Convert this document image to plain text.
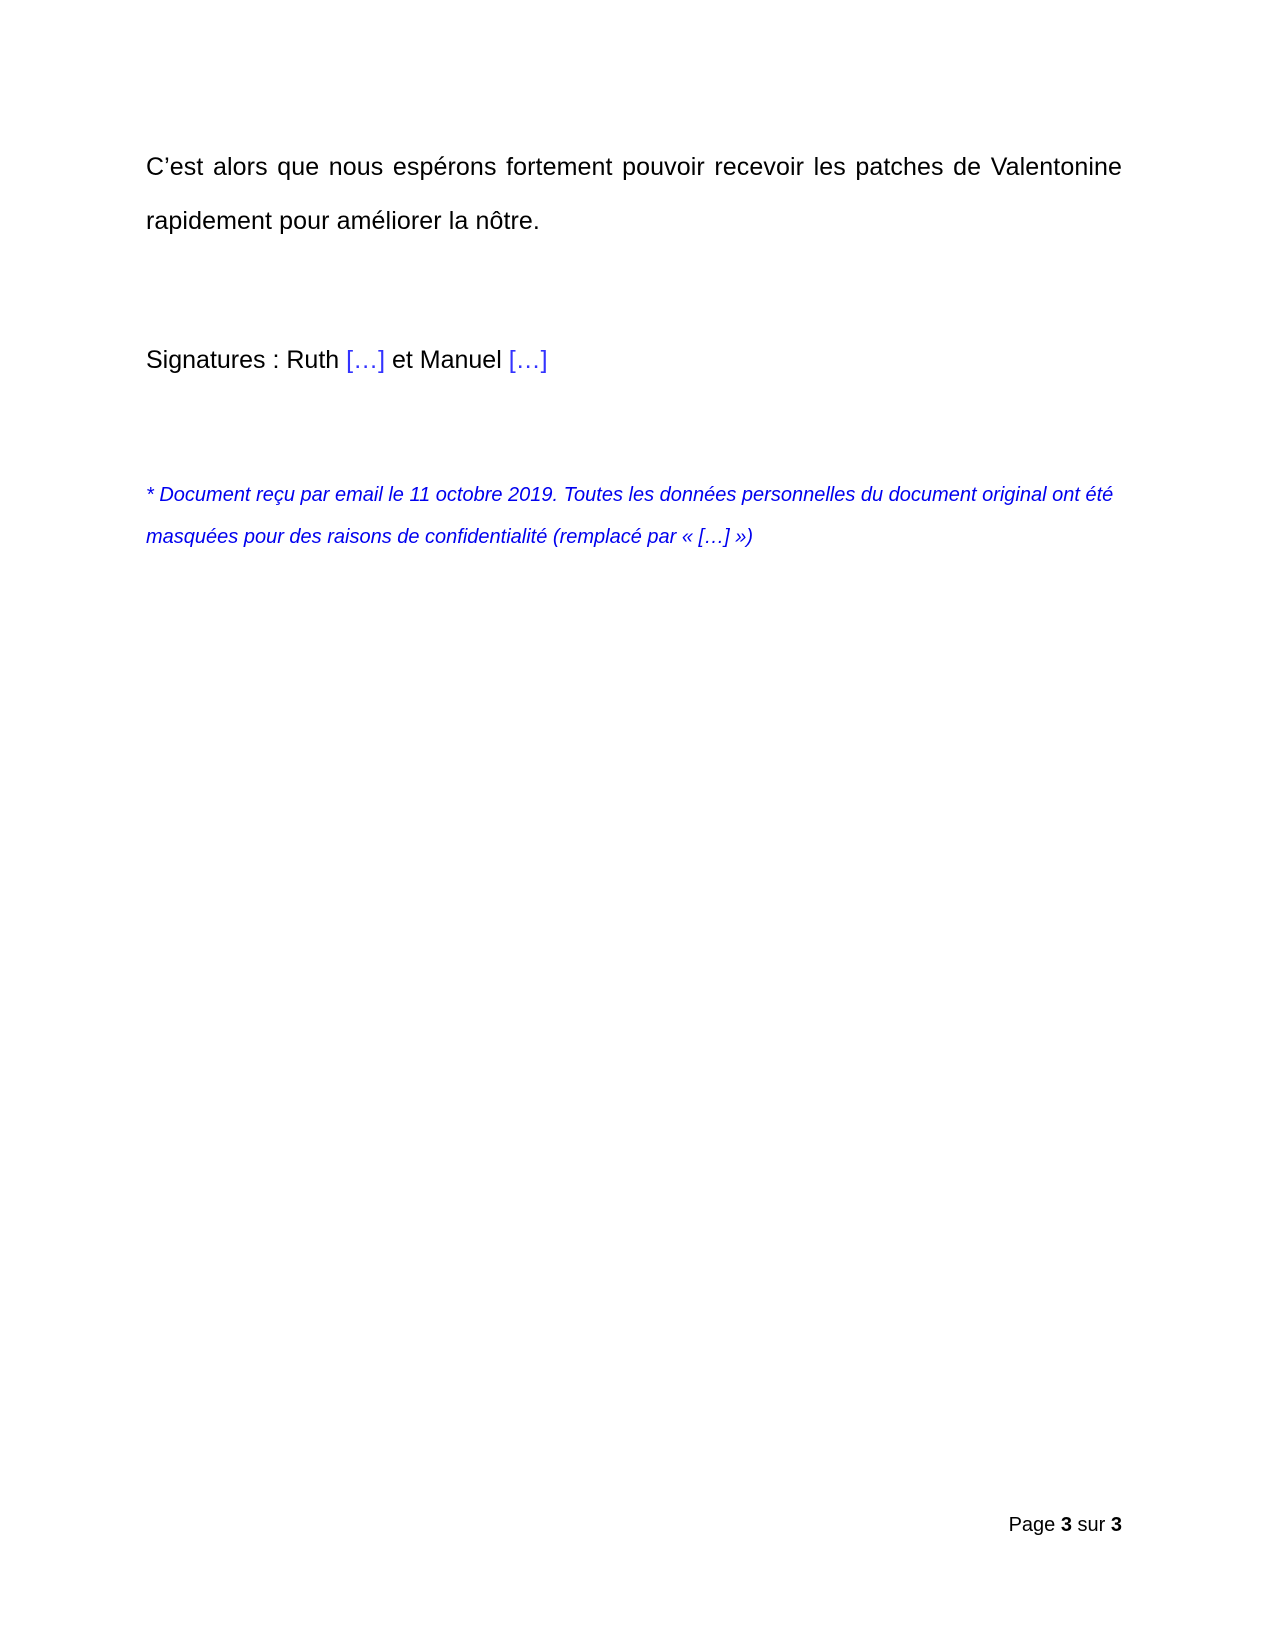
C’est alors que nous espérons fortement pouvoir recevoir les patches de Valentonine rapidement pour améliorer la nôtre.

Signatures : Ruth […] et Manuel […]

* Document reçu par email le 11 octobre 2019. Toutes les données personnelles du document original ont été masquées pour des raisons de confidentialité (remplacé par « […] »)

Page 3 sur 3
